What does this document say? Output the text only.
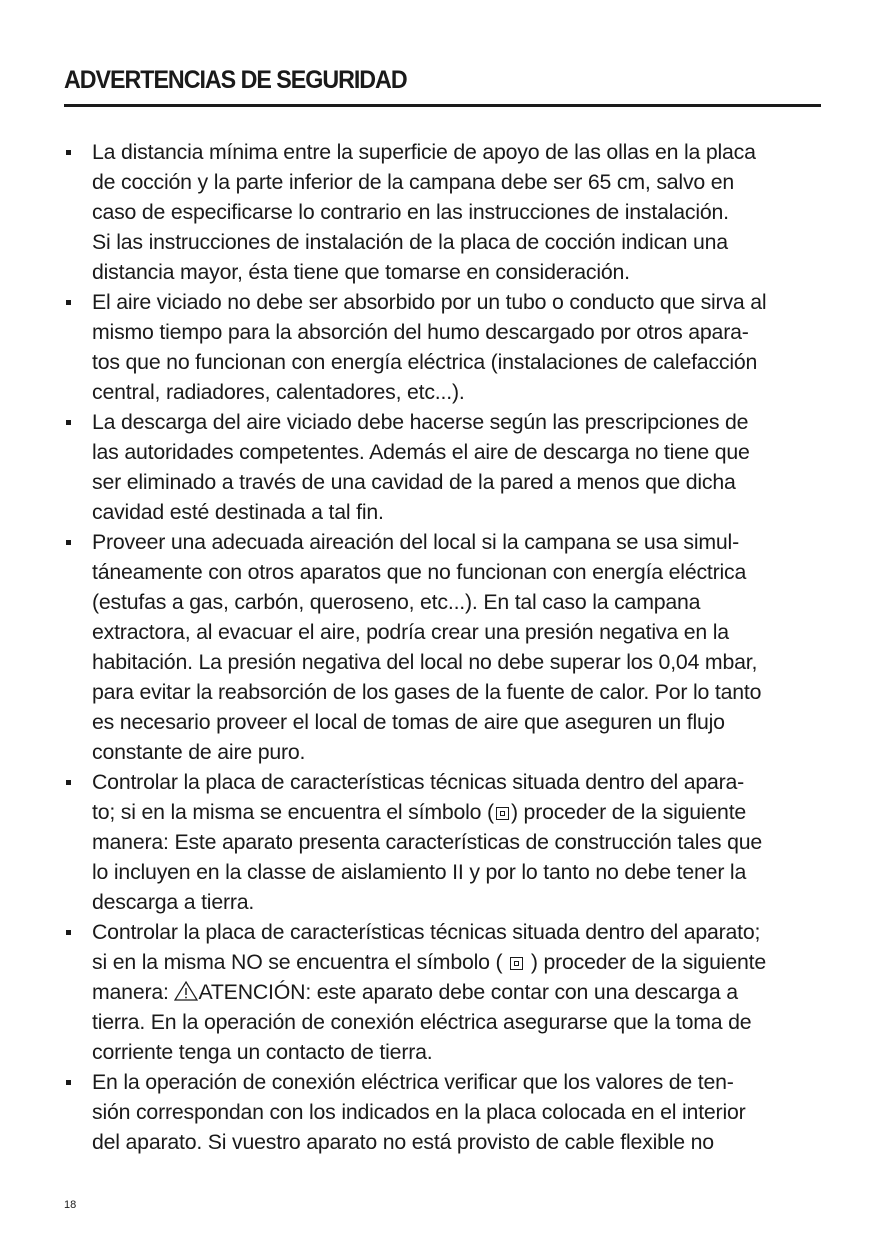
ADVERTENCIAS DE SEGURIDAD
La distancia mínima entre la superficie de apoyo de las ollas en la placa
de cocción y la parte inferior de la campana debe ser 65 cm, salvo en
caso de especificarse lo contrario en las instrucciones de instalación.
Si las instrucciones de instalación de la placa de cocción indican una
distancia mayor, ésta tiene que tomarse en consideración.
El aire viciado no debe ser absorbido por un tubo o conducto que sirva al
mismo tiempo para la absorción del humo descargado por otros apara-
tos que no funcionan con energía eléctrica (instalaciones de calefacción
central, radiadores, calentadores, etc...).
La descarga del aire viciado debe hacerse según las prescripciones de
las autoridades competentes. Además el aire de descarga no tiene que
ser eliminado a través de una cavidad de la pared a menos que dicha
cavidad esté destinada a tal fin.
Proveer una adecuada aireación del local si la campana se usa simul-
táneamente con otros aparatos que no funcionan con energía eléctrica
(estufas a gas, carbón, queroseno, etc...). En tal caso la campana
extractora, al evacuar el aire, podría crear una presión negativa en la
habitación. La presión negativa del local no debe superar los 0,04 mbar,
para evitar la reabsorción de los gases de la fuente de calor. Por lo tanto
es necesario proveer el local de tomas de aire que aseguren un flujo
constante de aire puro.
Controlar la placa de características técnicas situada dentro del apara-
to; si en la misma se encuentra el símbolo ( ) proceder de la siguiente
manera: Este aparato presenta características de construcción tales que
lo incluyen en la classe de aislamiento II y por lo tanto no debe tener la
descarga a tierra.
Controlar la placa de características técnicas situada dentro del aparato;
si en la misma NO se encuentra el símbolo ( ) proceder de la siguiente
manera: ATENCIÓN: este aparato debe contar con una descarga a
tierra. En la operación de conexión eléctrica asegurarse que la toma de
corriente tenga un contacto de tierra.
En la operación de conexión eléctrica verificar que los valores de ten-
sión correspondan con los indicados en la placa colocada en el interior
del aparato. Si vuestro aparato no está provisto de cable flexible no
18
